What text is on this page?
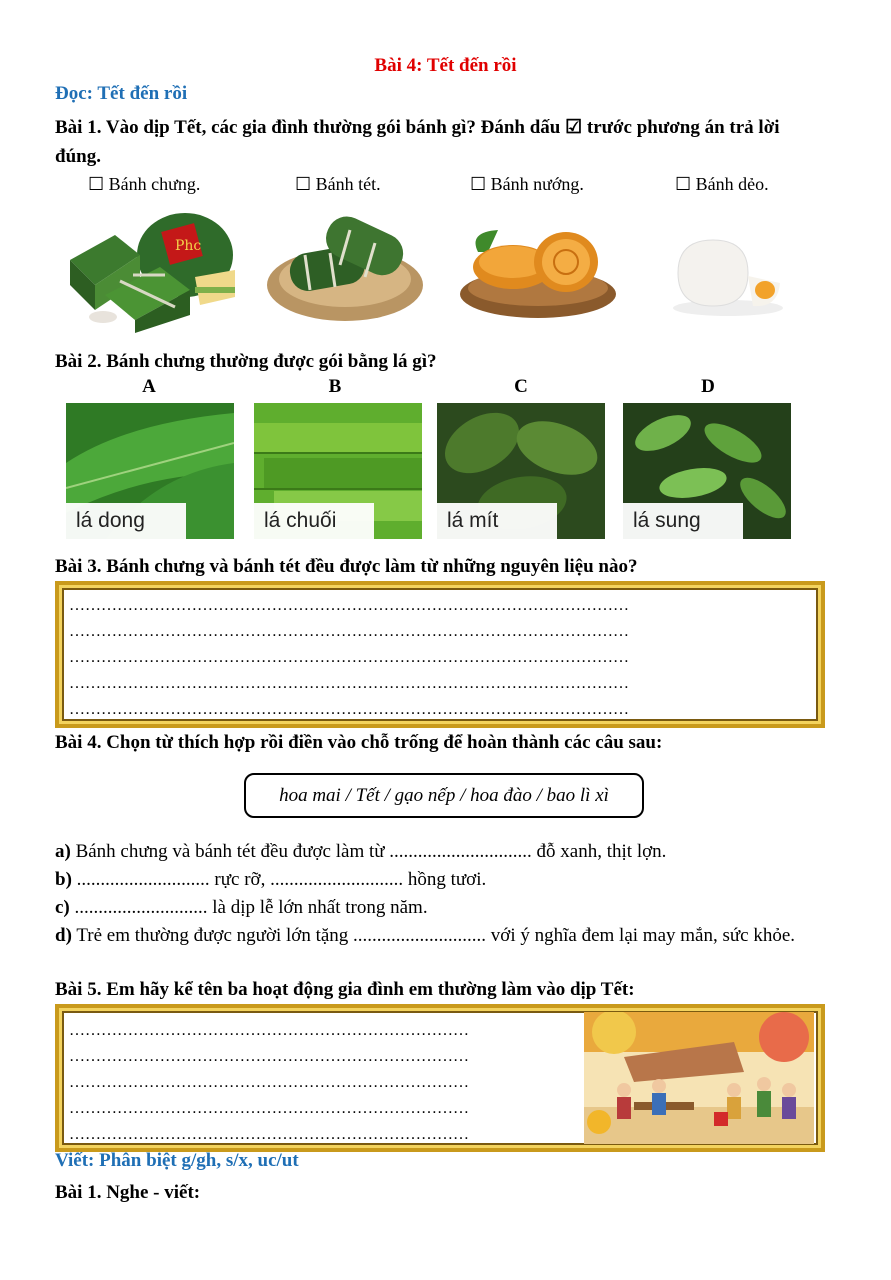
Bài 4: Tết đến rồi
Đọc: Tết đến rồi
Bài 1. Vào dịp Tết, các gia đình thường gói bánh gì? Đánh dấu ☑ trước phương án trả lời đúng.
☐ Bánh chưng.	☐ Bánh tét.	☐ Bánh nướng.	☐ Bánh dẻo.
Phc
Bài 2. Bánh chưng thường được gói bằng lá gì?
A	B	C	D
lá dong	lá chuối	lá mít	lá sung
Bài 3. Bánh chưng và bánh tét đều được làm từ những nguyên liệu nào?
……………………………………………………………………………………………
……………………………………………………………………………………………
……………………………………………………………………………………………
……………………………………………………………………………………………
……………………………………………………………………………………………
Bài 4. Chọn từ thích hợp rồi điền vào chỗ trống để hoàn thành các câu sau:
hoa mai / Tết / gạo nếp / hoa đào / bao lì xì
a) Bánh chưng và bánh tét đều được làm từ .............................. đỗ xanh, thịt lợn.
b) ............................ rực rỡ, ............................ hồng tươi.
c) ............................ là dịp lễ lớn nhất trong năm.
d) Trẻ em thường được người lớn tặng ............................ với ý nghĩa đem lại may mắn, sức khỏe.
Bài 5. Em hãy kể tên ba hoạt động gia đình em thường làm vào dịp Tết:
…………………………………………………………………
…………………………………………………………………
…………………………………………………………………
…………………………………………………………………
…………………………………………………………………
Viết: Phân biệt g/gh, s/x, uc/ut
Bài 1. Nghe - viết:
